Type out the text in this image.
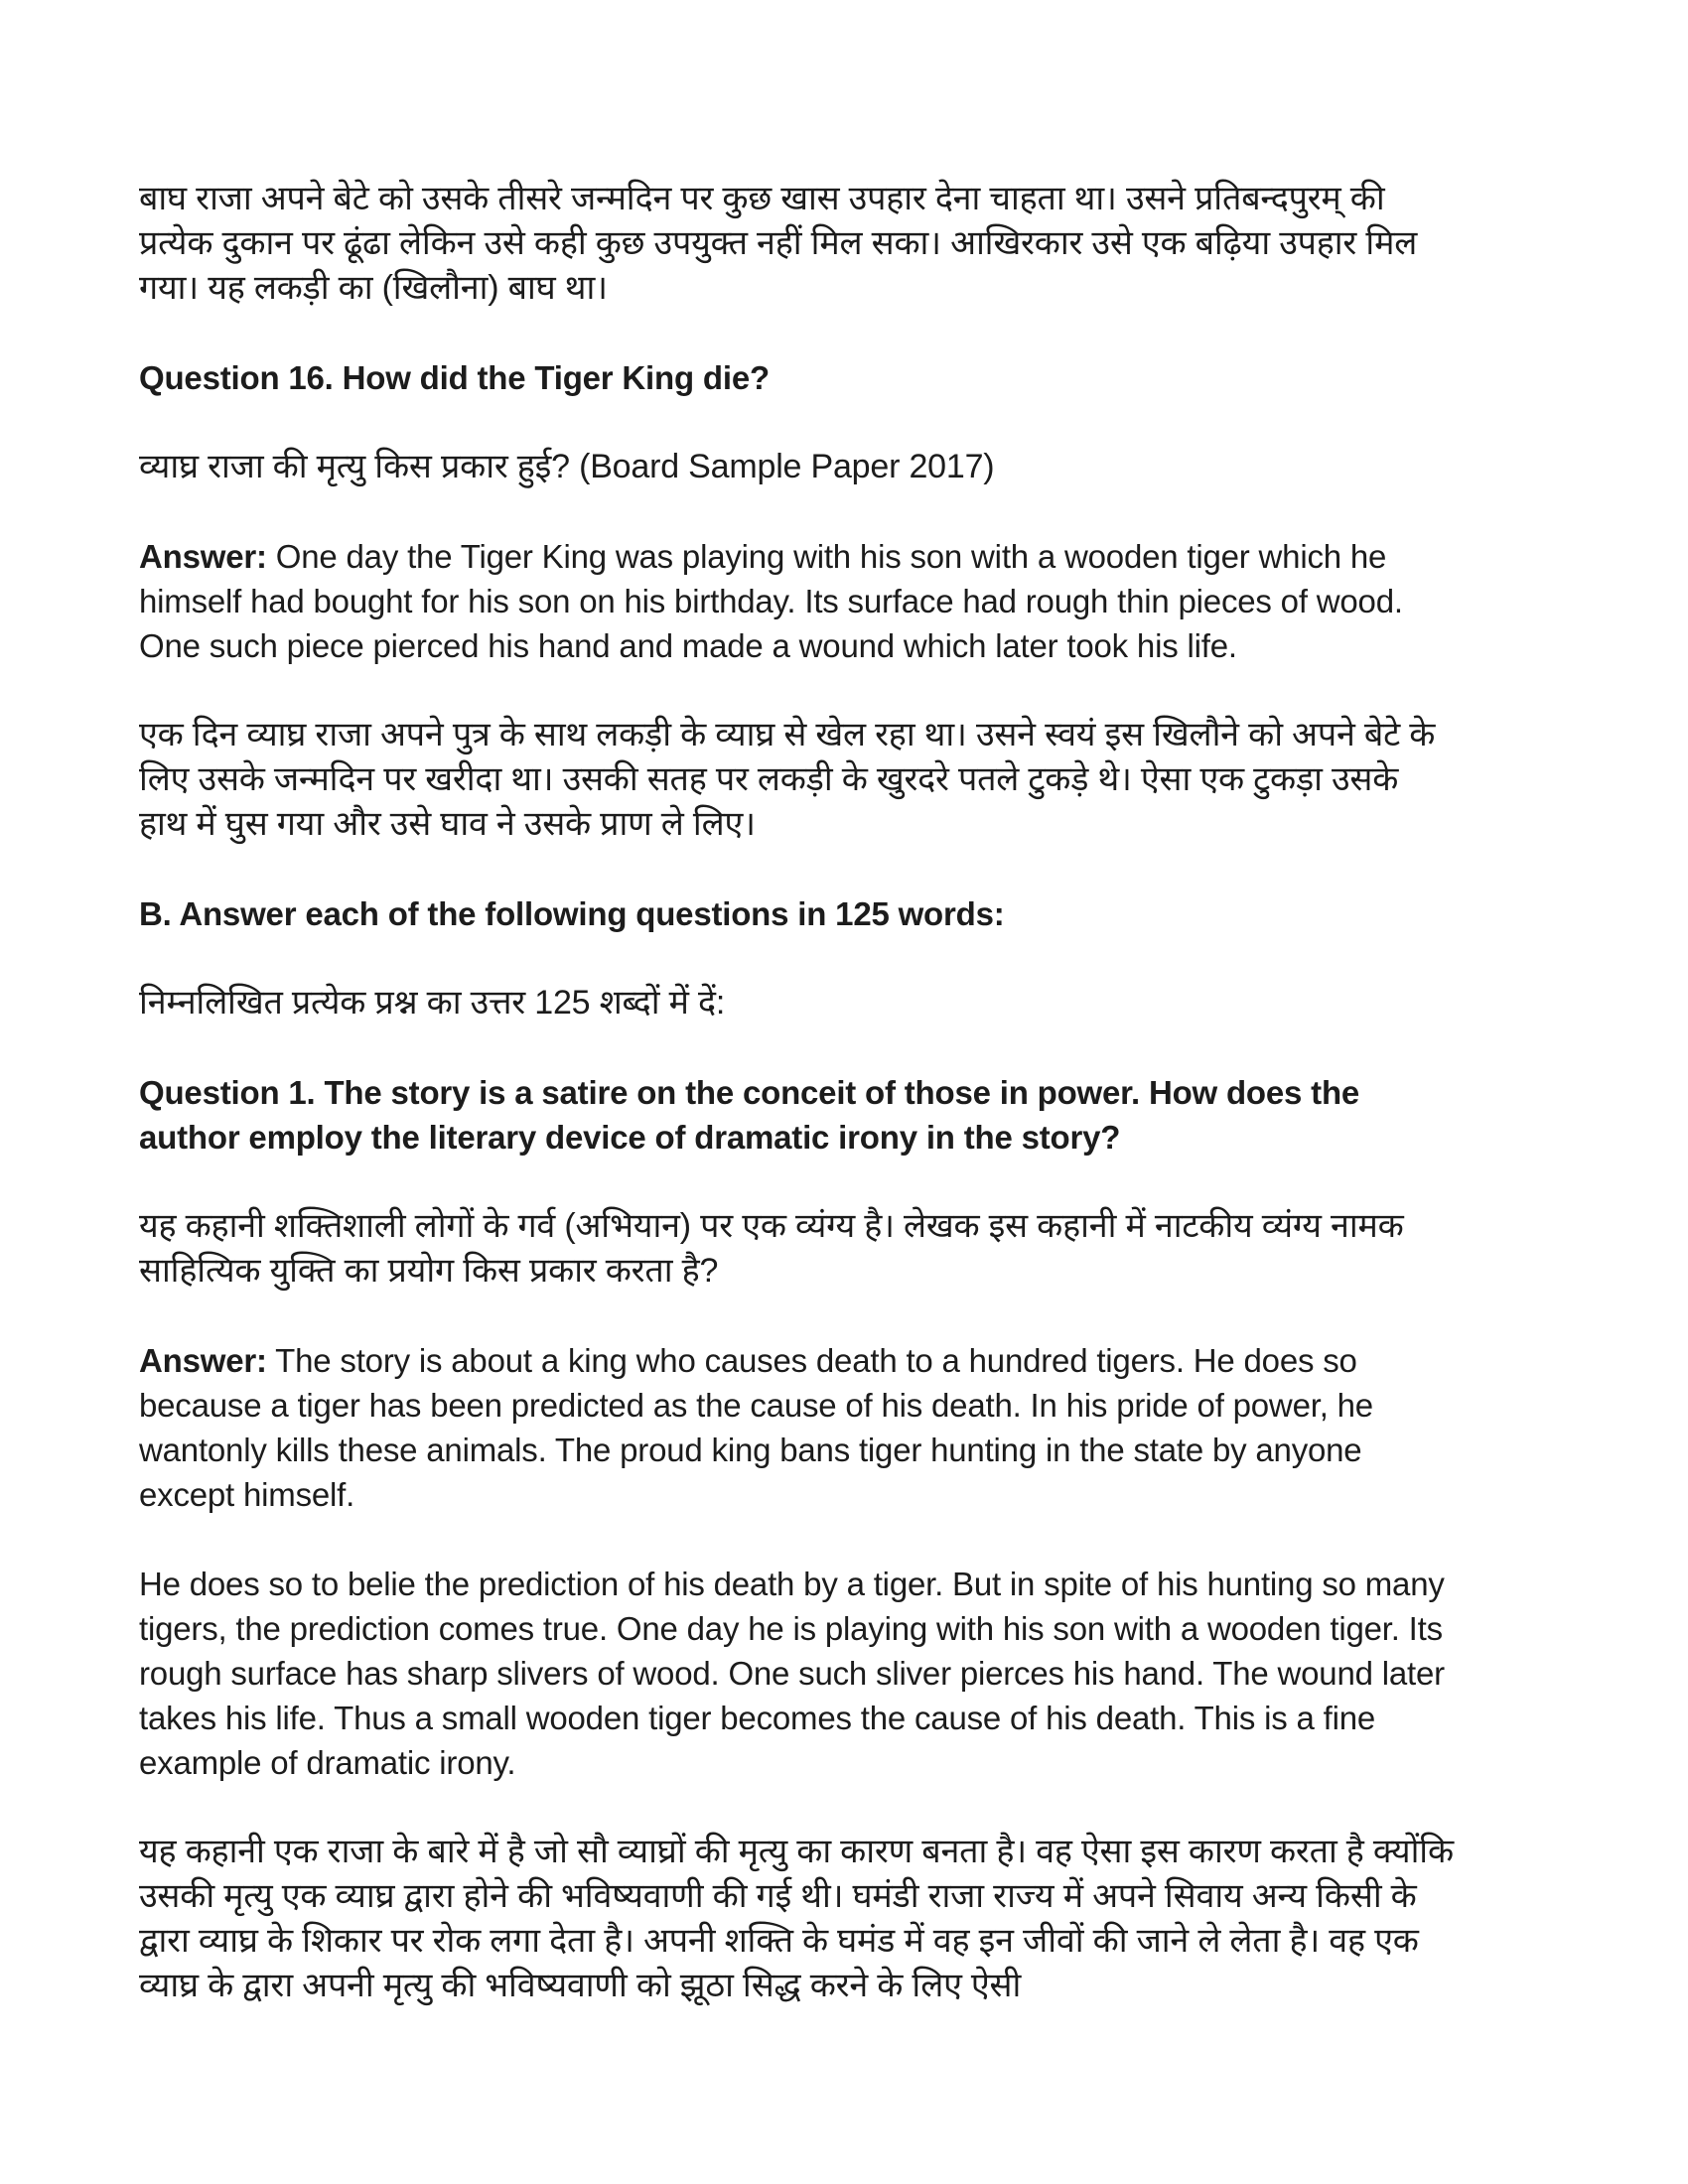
बाघ राजा अपने बेटे को उसके तीसरे जन्मदिन पर कुछ खास उपहार देना चाहता था। उसने प्रतिबन्दपुरम् की प्रत्येक दुकान पर ढूंढा लेकिन उसे कही कुछ उपयुक्त नहीं मिल सका। आखिरकार उसे एक बढ़िया उपहार मिल गया। यह लकड़ी का (खिलौना) बाघ था।

Question 16. How did the Tiger King die?

व्याघ्र राजा की मृत्यु किस प्रकार हुई? (Board Sample Paper 2017)

Answer: One day the Tiger King was playing with his son with a wooden tiger which he himself had bought for his son on his birthday. Its surface had rough thin pieces of wood. One such piece pierced his hand and made a wound which later took his life.

एक दिन व्याघ्र राजा अपने पुत्र के साथ लकड़ी के व्याघ्र से खेल रहा था। उसने स्वयं इस खिलौने को अपने बेटे के लिए उसके जन्मदिन पर खरीदा था। उसकी सतह पर लकड़ी के खुरदरे पतले टुकड़े थे। ऐसा एक टुकड़ा उसके हाथ में घुस गया और उसे घाव ने उसके प्राण ले लिए।

B. Answer each of the following questions in 125 words:

निम्नलिखित प्रत्येक प्रश्न का उत्तर 125 शब्दों में दें:

Question 1. The story is a satire on the conceit of those in power. How does the author employ the literary device of dramatic irony in the story?

यह कहानी शक्तिशाली लोगों के गर्व (अभियान) पर एक व्यंग्य है। लेखक इस कहानी में नाटकीय व्यंग्य नामक साहित्यिक युक्ति का प्रयोग किस प्रकार करता है?

Answer: The story is about a king who causes death to a hundred tigers. He does so because a tiger has been predicted as the cause of his death. In his pride of power, he wantonly kills these animals. The proud king bans tiger hunting in the state by anyone except himself.

He does so to belie the prediction of his death by a tiger. But in spite of his hunting so many tigers, the prediction comes true. One day he is playing with his son with a wooden tiger. Its rough surface has sharp slivers of wood. One such sliver pierces his hand. The wound later takes his life. Thus a small wooden tiger becomes the cause of his death. This is a fine example of dramatic irony.

यह कहानी एक राजा के बारे में है जो सौ व्याघ्रों की मृत्यु का कारण बनता है। वह ऐसा इस कारण करता है क्योंकि उसकी मृत्यु एक व्याघ्र द्वारा होने की भविष्यवाणी की गई थी। घमंडी राजा राज्य में अपने सिवाय अन्य किसी के द्वारा व्याघ्र के शिकार पर रोक लगा देता है। अपनी शक्ति के घमंड में वह इन जीवों की जाने ले लेता है। वह एक व्याघ्र के द्वारा अपनी मृत्यु की भविष्यवाणी को झूठा सिद्ध करने के लिए ऐसी
